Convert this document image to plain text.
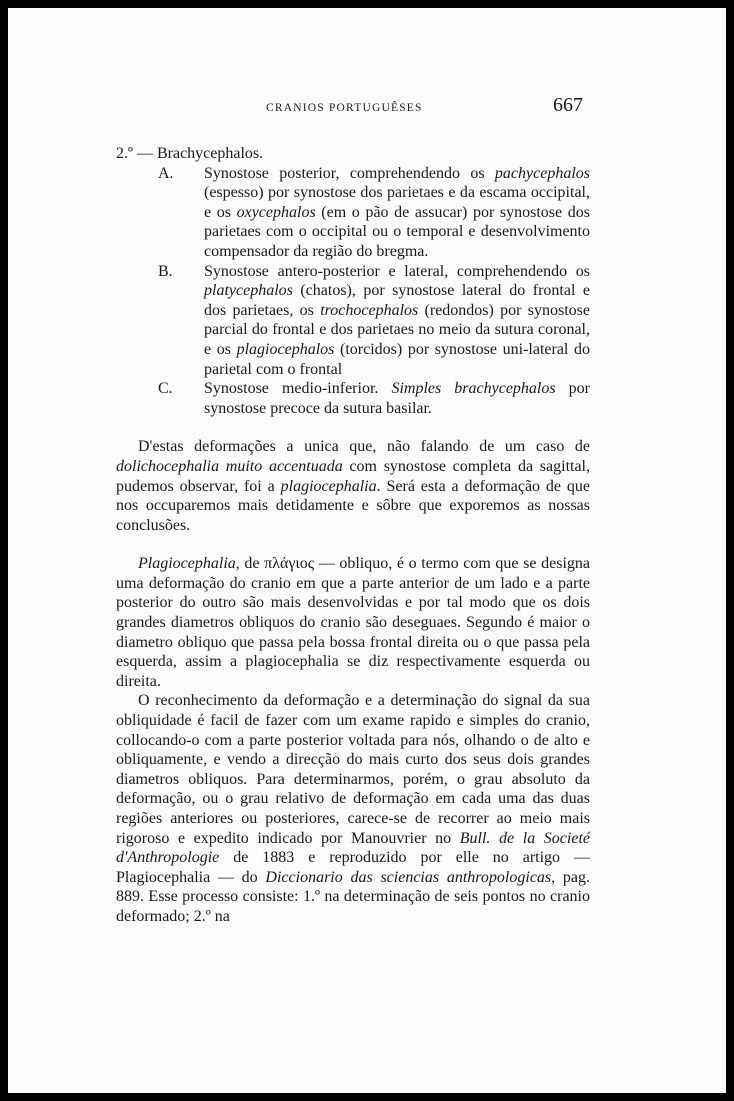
CRANIOS PORTUGUÊSES	667

2.º — Brachycephalos.

A. Synostose posterior, comprehendendo os pachycephalos (espesso) por synostose dos parietaes e da escama occipital, e os oxycephalos (em o pão de assucar) por synostose dos parietaes com o occipital ou o temporal e desenvolvimento compensador da região do bregma.

B. Synostose antero-posterior e lateral, comprehendendo os platycephalos (chatos), por synostose lateral do frontal e dos parietaes, os trochocephalos (redondos) por synostose parcial do frontal e dos parietaes no meio da sutura coronal, e os plagiocephalos (torcidos) por synostose uni-lateral do parietal com o frontal

C. Synostose medio-inferior. Simples brachycephalos por synostose precoce da sutura basilar.

D'estas deformações a unica que, não falando de um caso de dolichocephalia muito accentuada com synostose completa da sagittal, pudemos observar, foi a plagiocephalia. Será esta a deformação de que nos occuparemos mais detidamente e sôbre que exporemos as nossas conclusões.

Plagiocephalia, de πλάγιος — obliquo, é o termo com que se designa uma deformação do cranio em que a parte anterior de um lado e a parte posterior do outro são mais desenvolvidas e por tal modo que os dois grandes diametros obliquos do cranio são deseguaes. Segundo é maior o diametro obliquo que passa pela bossa frontal direita ou o que passa pela esquerda, assim a plagiocephalia se diz respectivamente esquerda ou direita.

O reconhecimento da deformação e a determinação do signal da sua obliquidade é facil de fazer com um exame rapido e simples do cranio, collocando-o com a parte posterior voltada para nós, olhando o de alto e obliquamente, e vendo a direcção do mais curto dos seus dois grandes diametros obliquos. Para determinarmos, porém, o grau absoluto da deformação, ou o grau relativo de deformação em cada uma das duas regiões anteriores ou posteriores, carece-se de recorrer ao meio mais rigoroso e expedito indicado por Manouvrier no Bull. de la Societé d'Anthropologie de 1883 e reproduzido por elle no artigo — Plagiocephalia — do Diccionario das sciencias anthropologicas, pag. 889. Esse processo consiste: 1.º na determinação de seis pontos no cranio deformado; 2.º na
